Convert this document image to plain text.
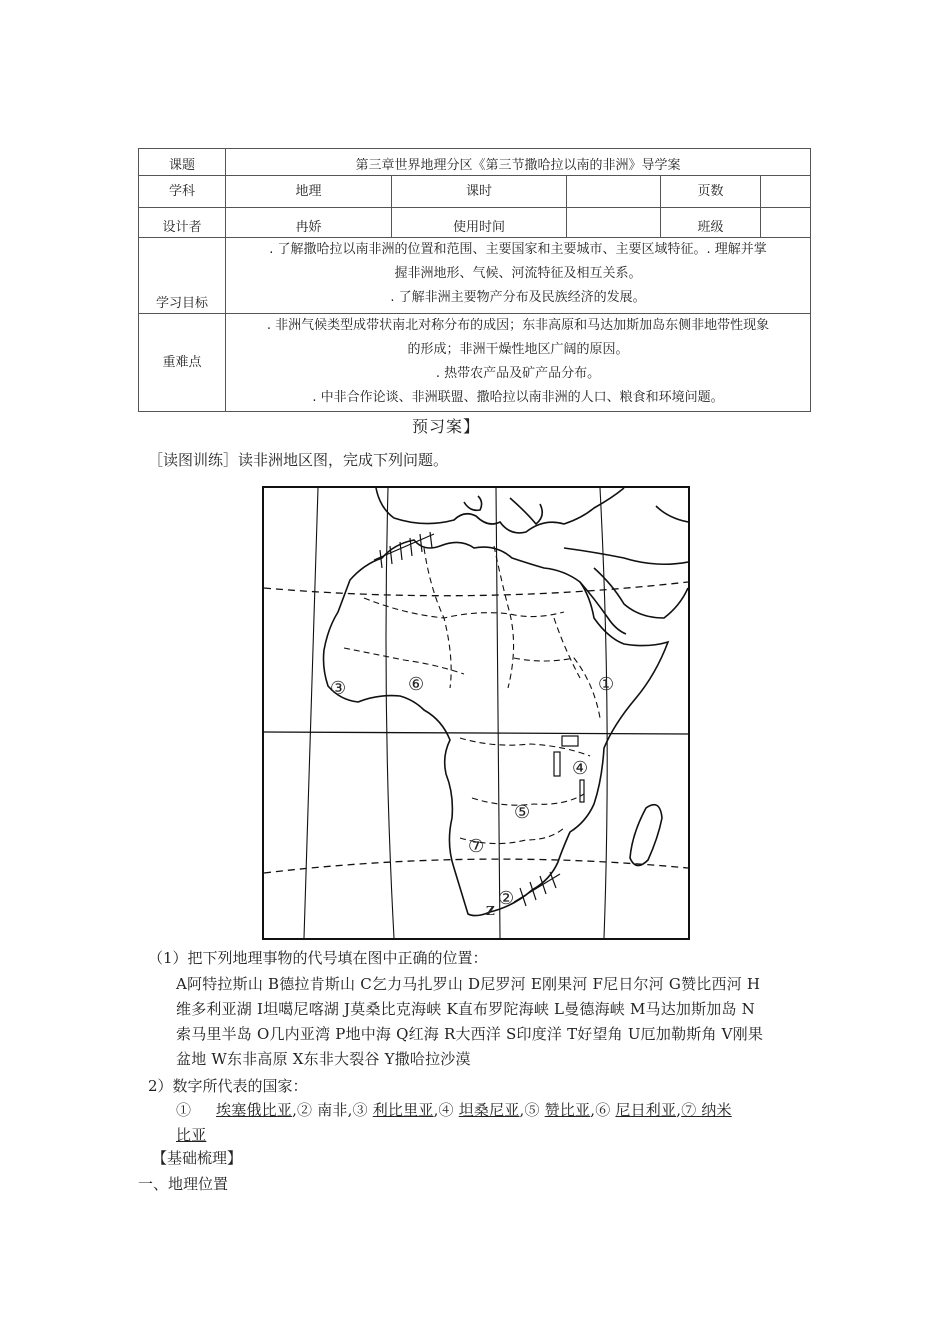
课题	第三章世界地理分区《第三节撒哈拉以南的非洲》导学案				
学科	地理	课时		页数	
设计者	冉娇	使用时间		班级	
学习目标	. 了解撒哈拉以南非洲的位置和范围、主要国家和主要城市、主要区域特征。. 理解并掌
握非洲地形、气候、河流特征及相互关系。
. 了解非洲主要物产分布及民族经济的发展。				

重难点	. 非洲气候类型成带状南北对称分布的成因；东非高原和马达加斯加岛东侧非地带性现象
的形成；非洲干燥性地区广阔的原因。
. 热带农产品及矿产品分布。
. 中非合作论谈、非洲联盟、撒哈拉以南非洲的人口、粮食和环境问题。				
预习案】
［读图训练］读非洲地区图，完成下列问题。
①
②
③
④
⑤
⑥
⑦
Z
（1）把下列地理事物的代号填在图中正确的位置：
A阿特拉斯山 B德拉肯斯山 C乞力马扎罗山 D尼罗河 E刚果河 F尼日尔河 G赞比西河 H
维多利亚湖 I坦噶尼喀湖 J莫桑比克海峡 K直布罗陀海峡 L曼德海峡 M马达加斯加岛 N
索马里半岛 O几内亚湾 P地中海 Q红海 R大西洋 S印度洋 T好望角 U厄加勒斯角 V刚果
盆地 W东非高原 X东非大裂谷 Y撒哈拉沙漠
2）数字所代表的国家：
① 埃塞俄比亚,② 南非,③ 利比里亚,④ 坦桑尼亚,⑤ 赞比亚,⑥ 尼日利亚,⑦ 纳米
比亚
【基础梳理】
一、地理位置
